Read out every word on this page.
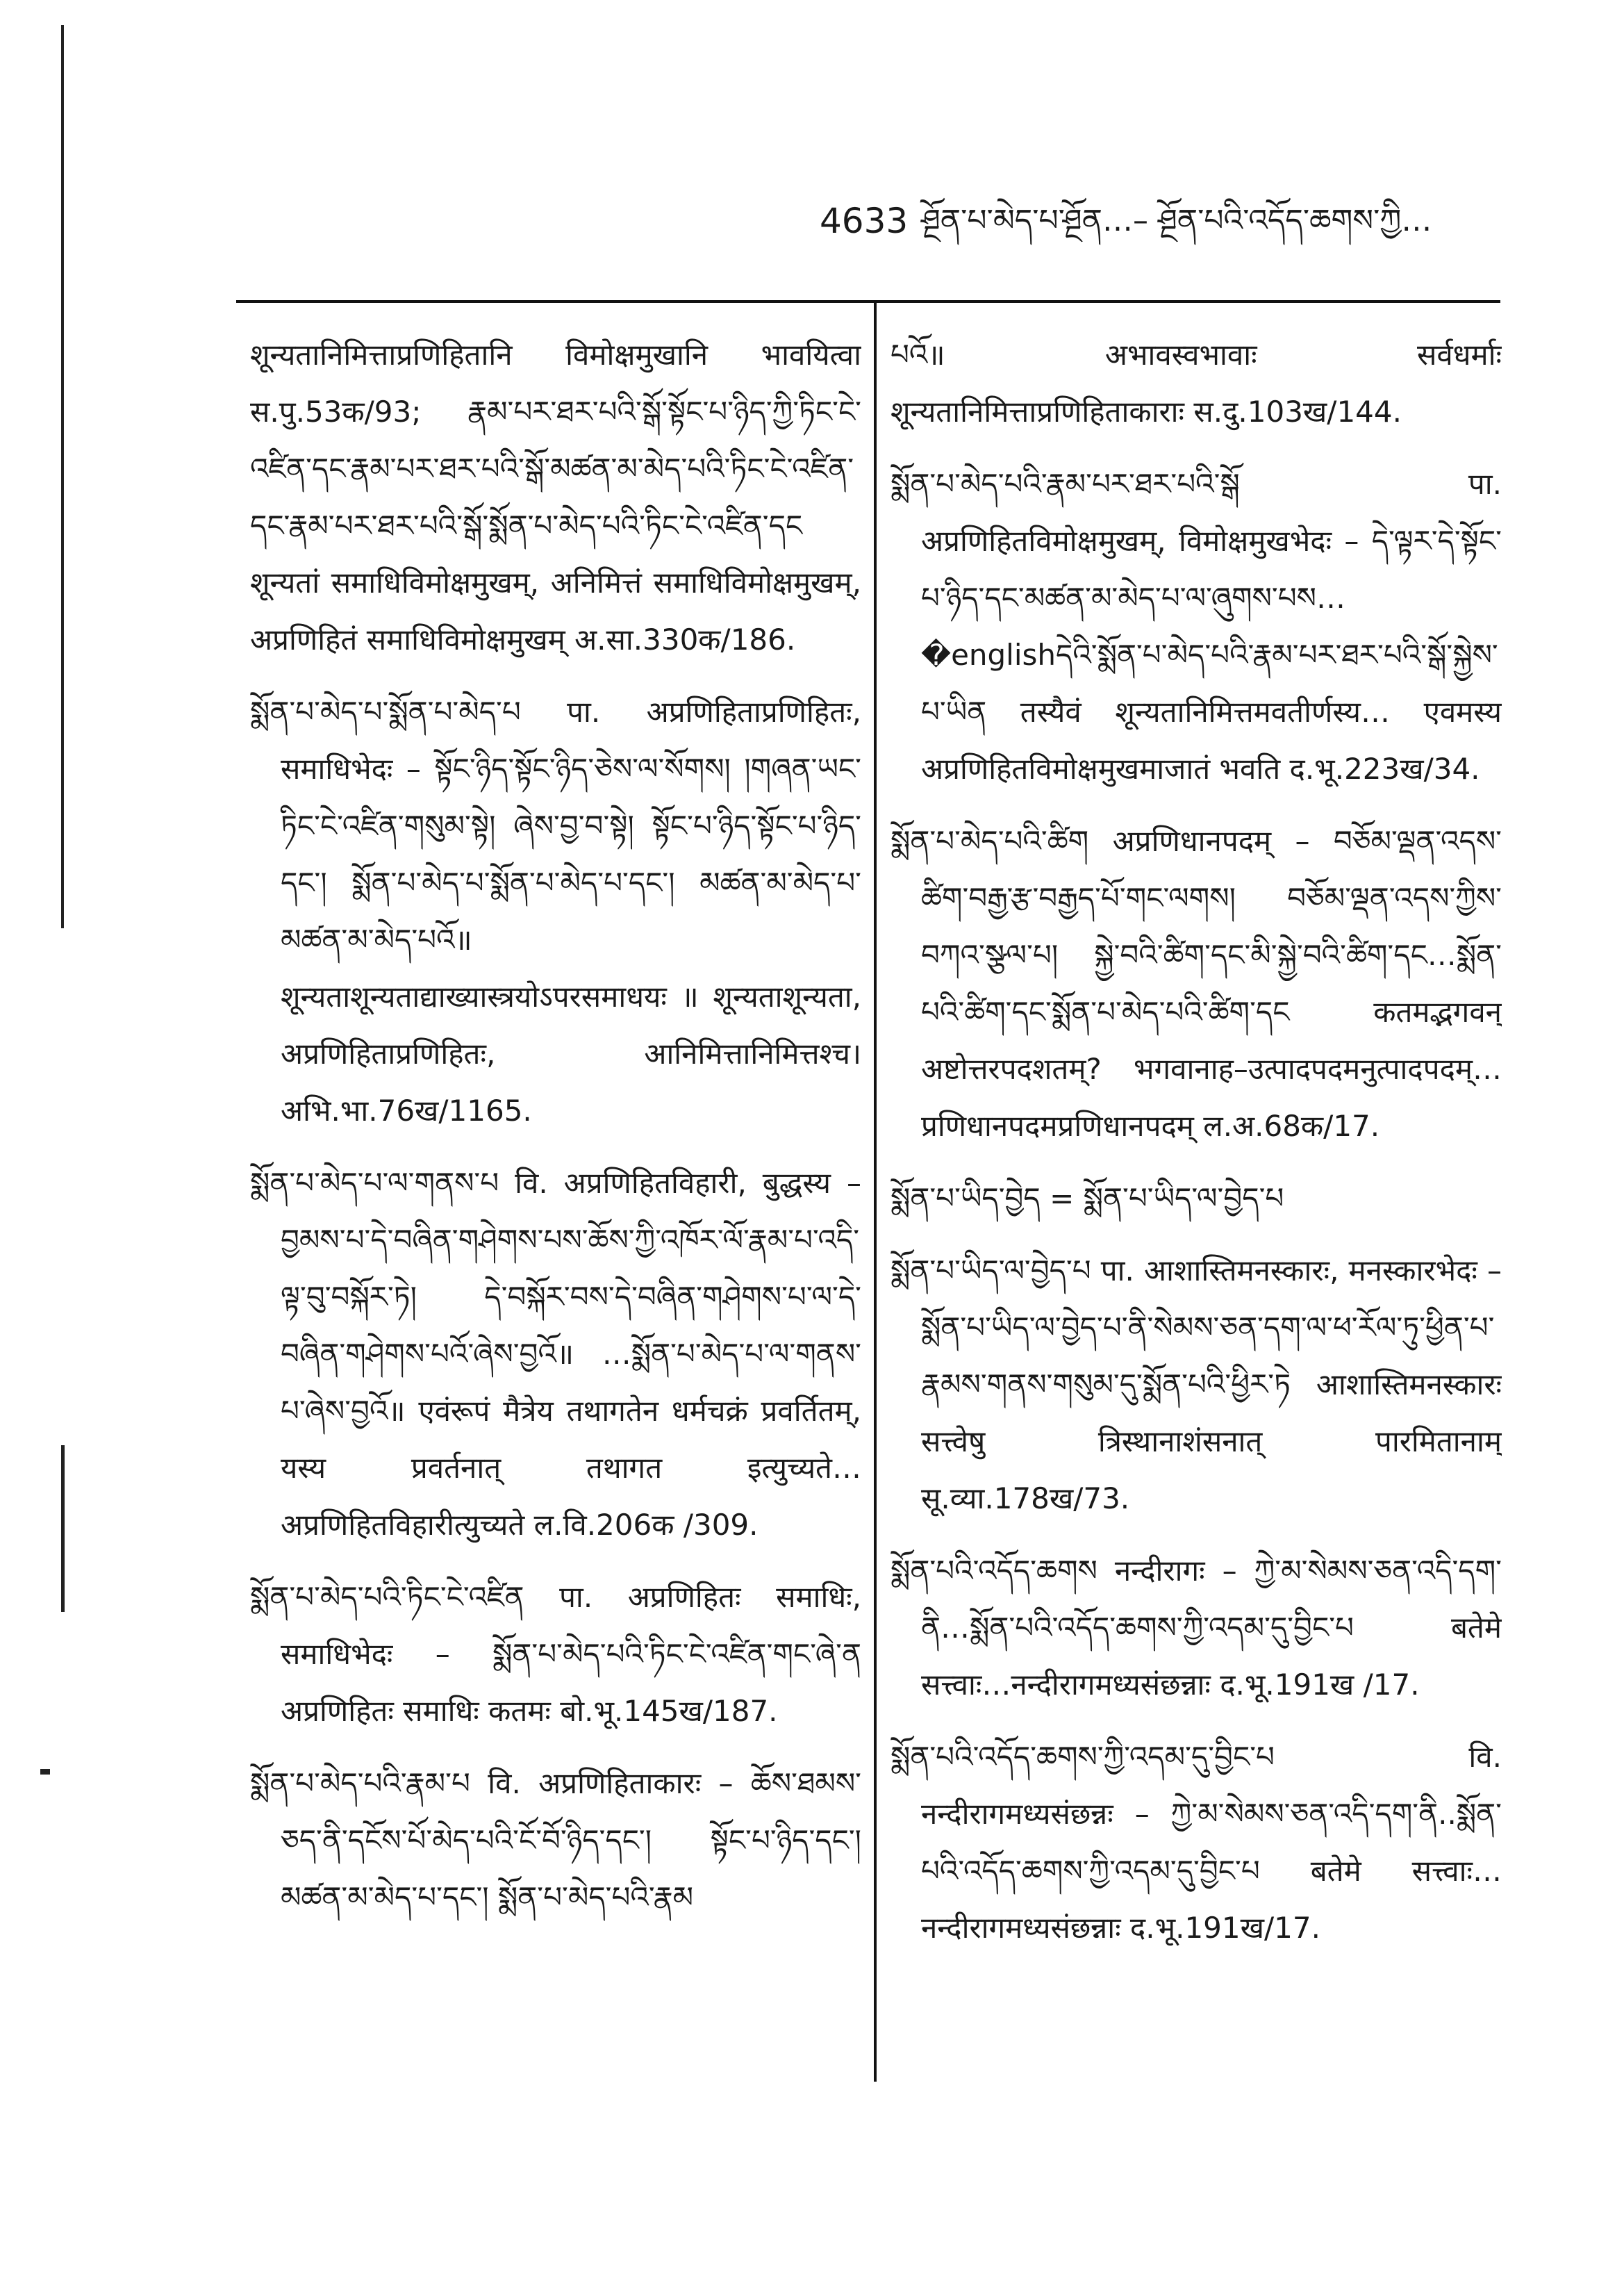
4633 ཤྔོན་པ་མེད་པ་ཤྔོན…– ཤྔོན་པའི་འདོད་ཆགས་ཀྱི…

शून्यतानिमित्ताप्रणिहितानि विमोक्षमुखानि भावयित्वा स.पु.53क/93; རྣམ་པར་ཐར་པའི་སྒོ་སྟོང་པ་ཉིད་ཀྱི་ཏིང་ངེ་འཛིན་དང་རྣམ་པར་ཐར་པའི་སྒོ་མཚན་མ་མེད་པའི་ཏིང་ངེ་འཛིན་དང་རྣམ་པར་ཐར་པའི་སྒོ་སྨོན་པ་མེད་པའི་ཏིང་ངེ་འཛིན་དང शून्यतां समाधिविमोक्षमुखम्, अनिमित्तं समाधिविमोक्षमुखम्, अप्रणिहितं समाधिविमोक्षमुखम् अ.सा.330क/186.

སྨོན་པ་མེད་པ་སྨོན་པ་མེད་པ पा. अप्रणिहिताप्रणिहितः, समाधिभेदः – སྟོང་ཉིད་སྟོང་ཉིད་ཅེས་ལ་སོགས། །གཞན་ཡང་ཏིང་ངེ་འཛིན་གསུམ་སྟེ། ཞེས་བྱ་བ་སྟེ། སྟོང་པ་ཉིད་སྟོང་པ་ཉིད་དང་། སྨོན་པ་མེད་པ་སྨོན་པ་མེད་པ་དང་། མཚན་མ་མེད་པ་མཚན་མ་མེད་པའོ॥ शून्यताशून्यताद्याख्यास्त्रयोऽपरसमाधयः ॥ शून्यताशून्यता, अप्रणिहिताप्रणिहितः, आनिमित्तानिमित्तश्च। अभि.भा.76ख/1165.

སྨོན་པ་མེད་པ་ལ་གནས་པ वि. अप्रणिहितविहारी, बुद्धस्य – བྱམས་པ་དེ་བཞིན་གཤེགས་པས་ཆོས་ཀྱི་འཁོར་ལོ་རྣམ་པ་འདི་ལྟ་བུ་བསྐོར་ཏེ། དེ་བསྐོར་བས་དེ་བཞིན་གཤེགས་པ་ལ་དེ་བཞིན་གཤེགས་པའོ་ཞེས་བྱའོ॥ …སྨོན་པ་མེད་པ་ལ་གནས་པ་ཞེས་བྱའོ॥ एवंरूपं मैत्रेय तथागतेन धर्मचक्रं प्रवर्तितम्, यस्य प्रवर्तनात् तथागत इत्युच्यते… अप्रणिहितविहारीत्युच्यते ल.वि.206क /309.

སྨོན་པ་མེད་པའི་ཏིང་ངེ་འཛིན पा. अप्रणिहितः समाधिः, समाधिभेदः – སྨོན་པ་མེད་པའི་ཏིང་ངེ་འཛིན་གང་ཞེ་ན अप्रणिहितः समाधिः कतमः बो.भू.145ख/187.

སྨོན་པ་མེད་པའི་རྣམ་པ वि. अप्रणिहिताकारः – ཆོས་ཐམས་ཅད་ནི་དངོས་པོ་མེད་པའི་ངོ་བོ་ཉིད་དང་། སྟོང་པ་ཉིད་དང་། མཚན་མ་མེད་པ་དང་། སྨོན་པ་མེད་པའི་རྣམ

པའོ॥ अभावस्वभावाः सर्वधर्माः शून्यतानिमित्ताप्रणिहिताकाराः स.दु.103ख/144.

སྨོན་པ་མེད་པའི་རྣམ་པར་ཐར་པའི་སྒོ पा. अप्रणिहितविमोक्षमुखम्, विमोक्षमुखभेदः – དེ་ལྟར་དེ་སྟོང་པ་ཉིད་དང་མཚན་མ་མེད་པ་ལ་ཞུགས་པས…�englishདེའི་སྨོན་པ་མེད་པའི་རྣམ་པར་ཐར་པའི་སྒོ་སྐྱེས་པ་ཡིན तस्यैवं शून्यतानिमित्तमवतीर्णस्य… एवमस्य अप्रणिहितविमोक्षमुखमाजातं भवति द.भू.223ख/34.

སྨོན་པ་མེད་པའི་ཚིག अप्रणिधानपदम् – བཅོམ་ལྡན་འདས་ཚིག་བརྒྱ་རྩ་བརྒྱད་པོ་གང་ལགས། བཅོམ་ལྡན་འདས་ཀྱིས་བཀའ་སྩལ་པ། སྐྱེ་བའི་ཚིག་དང་མི་སྐྱེ་བའི་ཚིག་དང…སྨོན་པའི་ཚིག་དང་སྨོན་པ་མེད་པའི་ཚིག་དང कतमद्भगवन् अष्टोत्तरपदशतम्? भगवानाह–उत्पादपदमनुत्पादपदम्…प्रणिधानपदमप्रणिधानपदम् ल.अ.68क/17.

སྨོན་པ་ཡིད་བྱེད = སྨོན་པ་ཡིད་ལ་བྱེད་པ

སྨོན་པ་ཡིད་ལ་བྱེད་པ पा. आशास्तिमनस्कारः, मनस्कारभेदः – སྨོན་པ་ཡིད་ལ་བྱེད་པ་ནི་སེམས་ཅན་དག་ལ་ཕ་རོལ་ཏུ་ཕྱིན་པ་རྣམས་གནས་གསུམ་དུ་སྨོན་པའི་ཕྱིར་ཏེ आशास्तिमनस्कारः सत्त्वेषु त्रिस्थानाशंसनात् पारमितानाम् सू.व्या.178ख/73.

སྨོན་པའི་འདོད་ཆགས नन्दीरागः – ཀྱེ་མ་སེམས་ཅན་འདི་དག་ནི…སྨོན་པའི་འདོད་ཆགས་ཀྱི་འདམ་དུ་བྱིང་པ बतेमे सत्त्वाः…नन्दीरागमध्यसंछन्नाः द.भू.191ख /17.

སྨོན་པའི་འདོད་ཆགས་ཀྱི་འདམ་དུ་བྱིང་པ वि. नन्दीरागमध्यसंछन्नः – ཀྱེ་མ་སེམས་ཅན་འདི་དག་ནི..སྨོན་པའི་འདོད་ཆགས་ཀྱི་འདམ་དུ་བྱིང་པ बतेमे सत्त्वाः…नन्दीरागमध्यसंछन्नाः द.भू.191ख/17.
